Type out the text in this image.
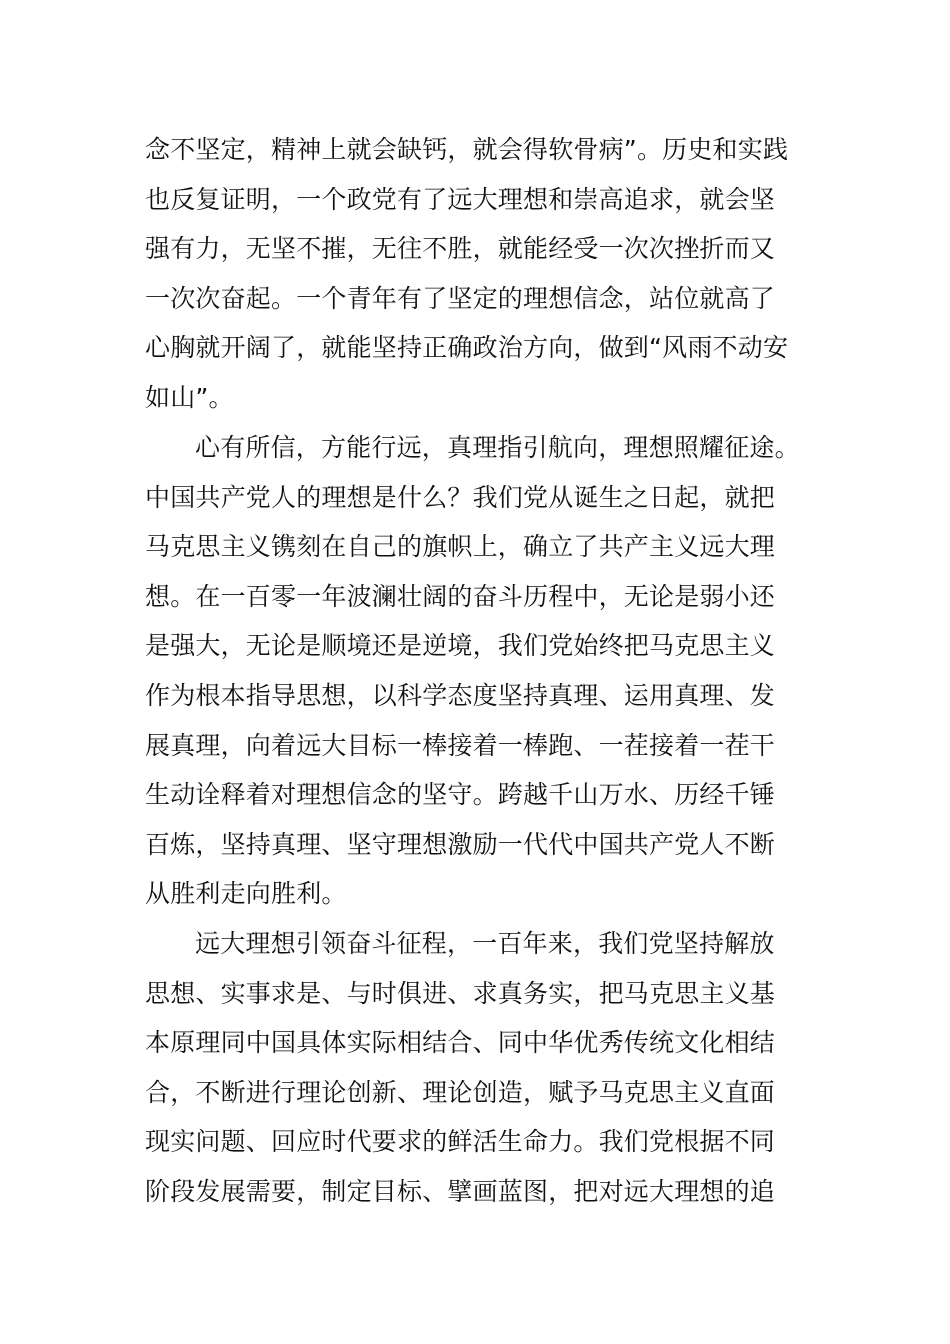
念不坚定，精神上就会缺钙，就会得软骨病”。历史和实践
也反复证明，一个政党有了远大理想和崇高追求，就会坚
强有力，无坚不摧，无往不胜，就能经受一次次挫折而又
一次次奋起。一个青年有了坚定的理想信念，站位就高了
心胸就开阔了，就能坚持正确政治方向，做到“风雨不动安
如山”。
心有所信，方能行远，真理指引航向，理想照耀征途。
中国共产党人的理想是什么？我们党从诞生之日起，就把
马克思主义镌刻在自己的旗帜上，确立了共产主义远大理
想。在一百零一年波澜壮阔的奋斗历程中，无论是弱小还
是强大，无论是顺境还是逆境，我们党始终把马克思主义
作为根本指导思想，以科学态度坚持真理、运用真理、发
展真理，向着远大目标一棒接着一棒跑、一茬接着一茬干
生动诠释着对理想信念的坚守。跨越千山万水、历经千锤
百炼，坚持真理、坚守理想激励一代代中国共产党人不断
从胜利走向胜利。
远大理想引领奋斗征程，一百年来，我们党坚持解放
思想、实事求是、与时俱进、求真务实，把马克思主义基
本原理同中国具体实际相结合、同中华优秀传统文化相结
合，不断进行理论创新、理论创造，赋予马克思主义直面
现实问题、回应时代要求的鲜活生命力。我们党根据不同
阶段发展需要，制定目标、擘画蓝图，把对远大理想的追
